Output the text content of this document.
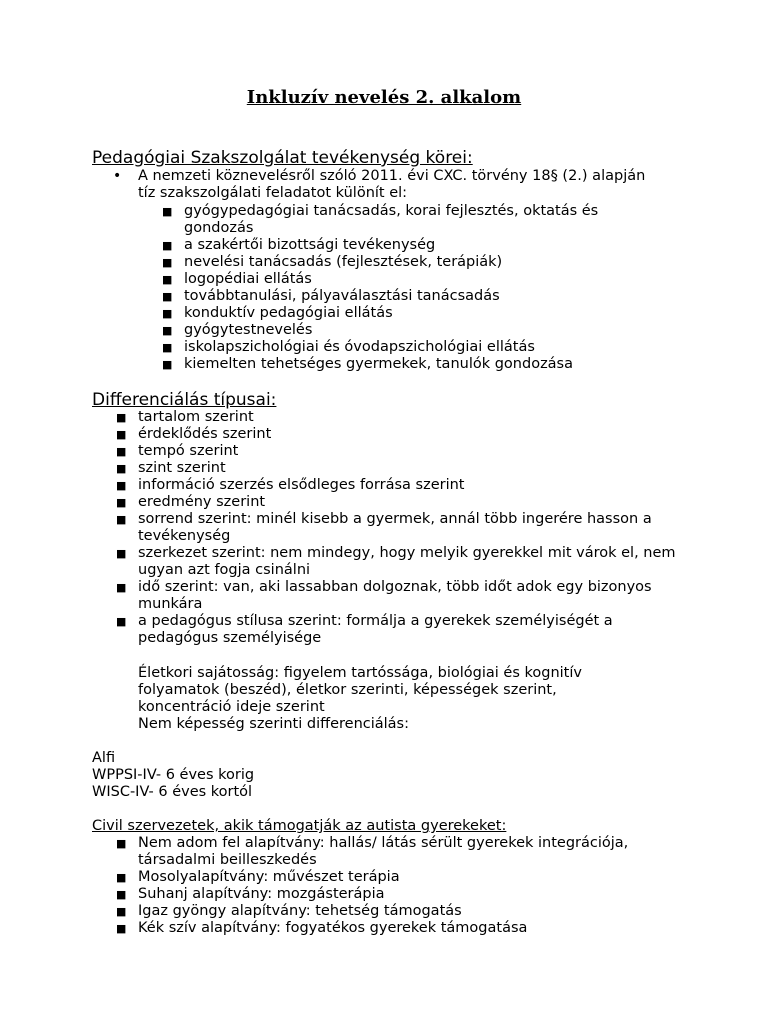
Inkluzív nevelés 2. alkalom
Pedagógiai Szakszolgálat tevékenység körei:
• A nemzeti köznevelésről szóló 2011. évi CXC. törvény 18§ (2.) alapján tíz szakszolgálati feladatot különít el:
■ gyógypedagógiai tanácsadás, korai fejlesztés, oktatás és gondozás
■ a szakértői bizottsági tevékenység
■ nevelési tanácsadás (fejlesztések, terápiák)
■ logopédiai ellátás
■ továbbtanulási, pályaválasztási tanácsadás
■ konduktív pedagógiai ellátás
■ gyógytestnevelés
■ iskolapszichológiai és óvodapszichológiai ellátás
■ kiemelten tehetséges gyermekek, tanulók gondozása
Differenciálás típusai:
■ tartalom szerint
■ érdeklődés szerint
■ tempó szerint
■ szint szerint
■ információ szerzés elsődleges forrása szerint
■ eredmény szerint
■ sorrend szerint: minél kisebb a gyermek, annál több ingerére hasson a tevékenység
■ szerkezet szerint: nem mindegy, hogy melyik gyerekkel mit várok el, nem ugyan azt fogja csinálni
■ idő szerint: van, aki lassabban dolgoznak, több időt adok egy bizonyos munkára
■ a pedagógus stílusa szerint: formálja a gyerekek személyiségét a pedagógus személyisége
Életkori sajátosság: figyelem tartóssága, biológiai és kognitív folyamatok (beszéd), életkor szerinti, képességek szerint, koncentráció ideje szerint
Nem képesség szerinti differenciálás:
Alfi
WPPSI-IV- 6 éves korig
WISC-IV- 6 éves kortól
Civil szervezetek, akik támogatják az autista gyerekeket:
■ Nem adom fel alapítvány: hallás/ látás sérült gyerekek integrációja, társadalmi beilleszkedés
■ Mosolyalapítvány: művészet terápia
■ Suhanj alapítvány: mozgásterápia
■ Igaz gyöngy alapítvány: tehetség támogatás
■ Kék szív alapítvány: fogyatékos gyerekek támogatása
